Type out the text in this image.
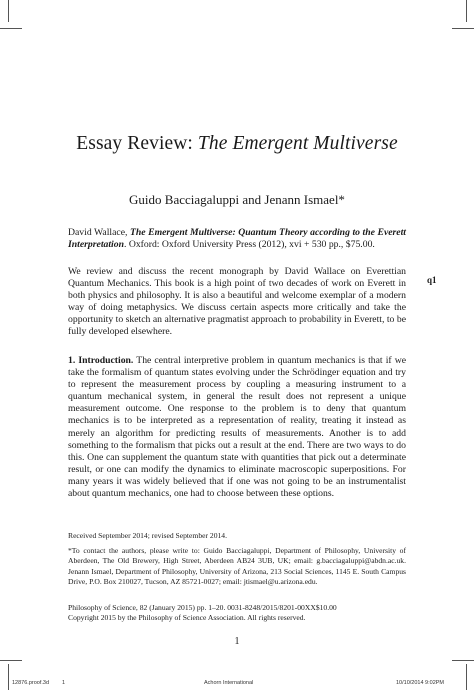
Essay Review: The Emergent Multiverse
Guido Bacciagaluppi and Jenann Ismael*
David Wallace, The Emergent Multiverse: Quantum Theory according to the Everett Interpretation. Oxford: Oxford University Press (2012), xvi + 530 pp., $75.00.
We review and discuss the recent monograph by David Wallace on Everettian Quantum Mechanics. This book is a high point of two decades of work on Everett in both physics and philosophy. It is also a beautiful and welcome exemplar of a modern way of doing metaphysics. We discuss certain aspects more critically and take the opportunity to sketch an alternative pragmatist approach to probability in Everett, to be fully developed elsewhere.
q1
1. Introduction. The central interpretive problem in quantum mechanics is that if we take the formalism of quantum states evolving under the Schrödinger equation and try to represent the measurement process by coupling a measuring instrument to a quantum mechanical system, in general the result does not represent a unique measurement outcome. One response to the problem is to deny that quantum mechanics is to be interpreted as a representation of reality, treating it instead as merely an algorithm for predicting results of measurements. Another is to add something to the formalism that picks out a result at the end. There are two ways to do this. One can supplement the quantum state with quantities that pick out a determinate result, or one can modify the dynamics to eliminate macroscopic superpositions. For many years it was widely believed that if one was not going to be an instrumentalist about quantum mechanics, one had to choose between these options.
Received September 2014; revised September 2014.
*To contact the authors, please write to: Guido Bacciagaluppi, Department of Philosophy, University of Aberdeen, The Old Brewery, High Street, Aberdeen AB24 3UB, UK; email: g.bacciagaluppi@abdn.ac.uk. Jenann Ismael, Department of Philosophy, University of Arizona, 213 Social Sciences, 1145 E. South Campus Drive, P.O. Box 210027, Tucson, AZ 85721-0027; email: jtismael@u.arizona.edu.
Philosophy of Science, 82 (January 2015) pp. 1–20. 0031-8248/2015/8201-00XX$10.00
Copyright 2015 by the Philosophy of Science Association. All rights reserved.
1
12876.proof.3d 1	Achorn International	10/10/2014 9:02PM
